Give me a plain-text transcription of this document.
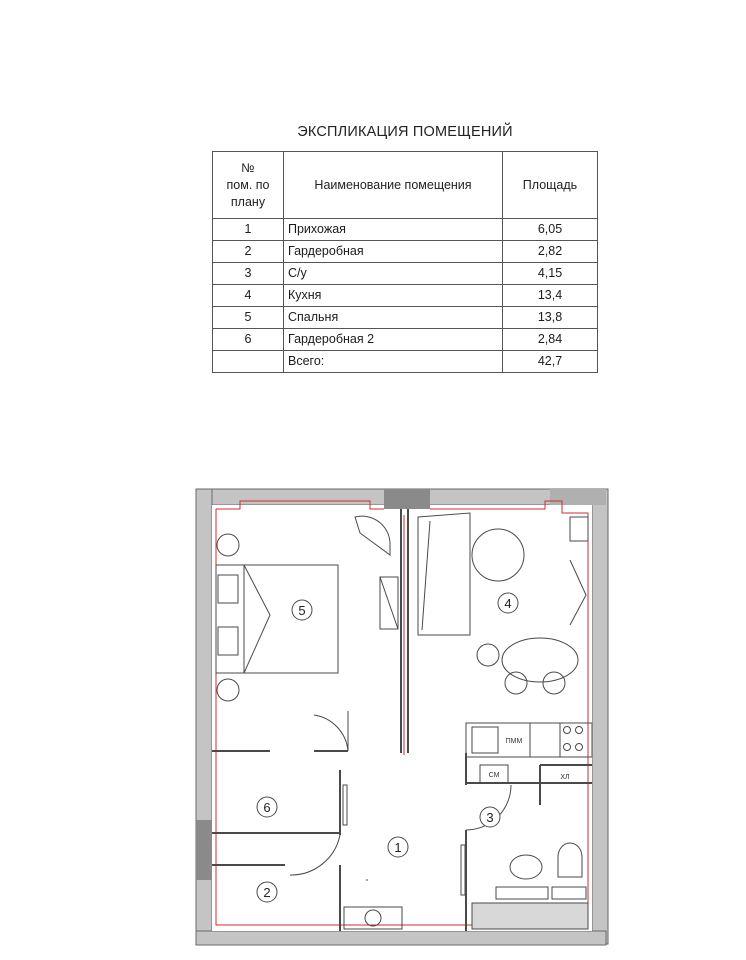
ЭКСПЛИКАЦИЯ ПОМЕЩЕНИЙ
№
пом. по
плану	Наименование помещения	Площадь
1	Прихожая	6,05
2	Гардеробная	2,82
3	С/у	4,15
4	Кухня	13,4
5	Спальня	13,8
6	Гардеробная 2	2,84
	Всего:	42,7
1
2
3
4
5
6
ПММ
СМ	ХЛ
